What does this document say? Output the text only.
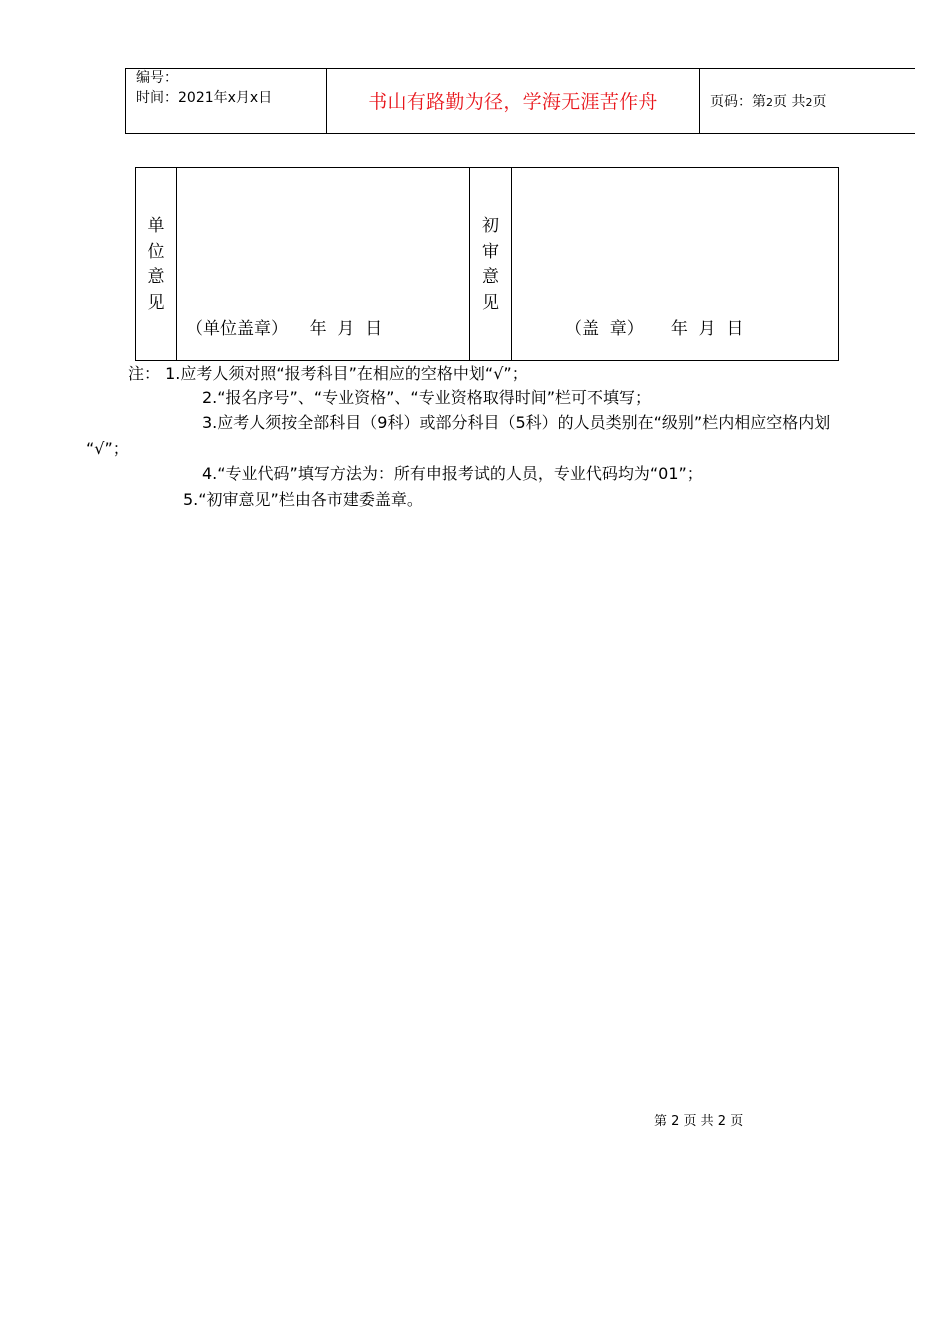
编号：
时间：2021年x月x日	书山有路勤为径，学海无涯苦作舟	页码：第2页 共2页
单
位
意
见
（单位盖章）    年  月  日
初
审
意
见
（盖  章）     年  月  日
注： 1.应考人须对照“报考科目”在相应的空格中划“√”；
2.“报名序号”、“专业资格”、“专业资格取得时间”栏可不填写；
3.应考人须按全部科目（9科）或部分科目（5科）的人员类别在“级别”栏内相应空格内划
“√”；
4.“专业代码”填写方法为：所有申报考试的人员，专业代码均为“01”；
5.“初审意见”栏由各市建委盖章。
第 2 页 共 2 页
